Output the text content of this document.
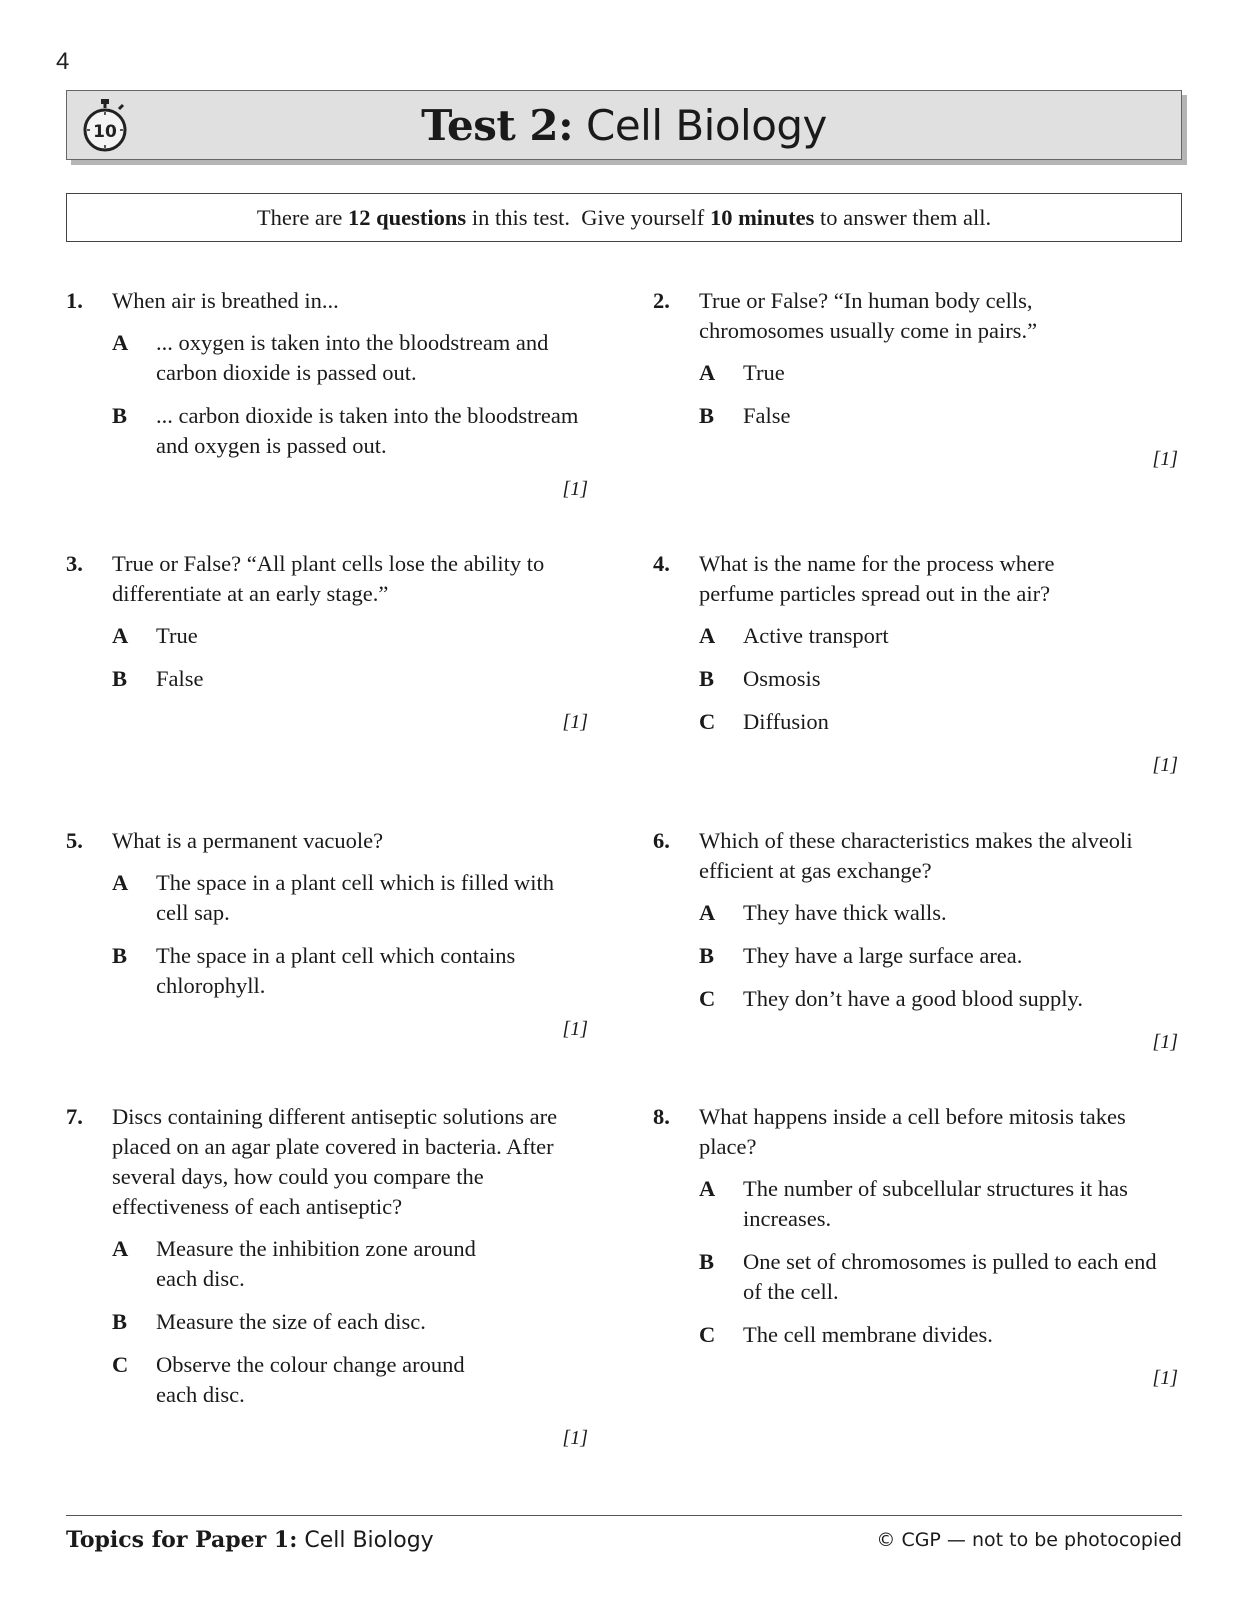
4
10	Test 2: Cell Biology
There are 12 questions in this test.  Give yourself 10 minutes to answer them all.
1.	When air is breathed in...
A	... oxygen is taken into the bloodstream and carbon dioxide is passed out.
B	... carbon dioxide is taken into the bloodstream and oxygen is passed out.
[1]
2.	True or False? “In human body cells, chromosomes usually come in pairs.”
A	True
B	False
[1]
3.	True or False? “All plant cells lose the ability to differentiate at an early stage.”
A	True
B	False
[1]
4.	What is the name for the process where perfume particles spread out in the air?
A	Active transport
B	Osmosis
C	Diffusion
[1]
5.	What is a permanent vacuole?
A	The space in a plant cell which is filled with cell sap.
B	The space in a plant cell which contains chlorophyll.
[1]
6.	Which of these characteristics makes the alveoli efficient at gas exchange?
A	They have thick walls.
B	They have a large surface area.
C	They don’t have a good blood supply.
[1]
7.	Discs containing different antiseptic solutions are placed on an agar plate covered in bacteria. After several days, how could you compare the effectiveness of each antiseptic?
A	Measure the inhibition zone around each disc.
B	Measure the size of each disc.
C	Observe the colour change around each disc.
[1]
8.	What happens inside a cell before mitosis takes place?
A	The number of subcellular structures it has increases.
B	One set of chromosomes is pulled to each end of the cell.
C	The cell membrane divides.
[1]
Topics for Paper 1: Cell Biology	© CGP — not to be photocopied
